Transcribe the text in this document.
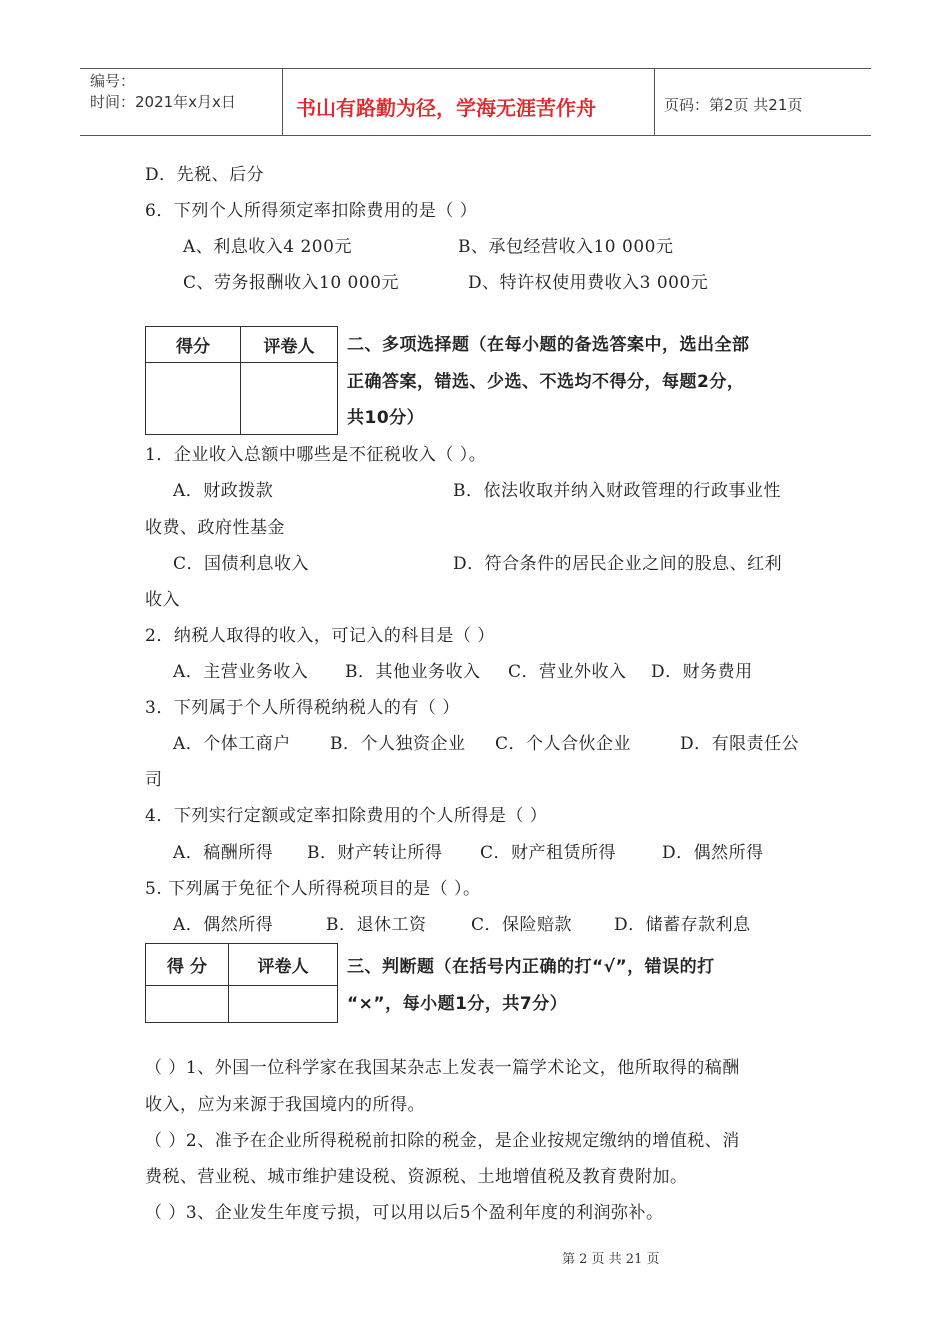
编号：
时间：2021年x月x日	书山有路勤为径，学海无涯苦作舟	页码：第2页 共21页
D．先税、后分
6．下列个人所得须定率扣除费用的是（ ）
A、利息收入4 200元	B、承包经营收入10 000元
C、劳务报酬收入10 000元	D、特许权使用费收入3 000元
得分	评卷人
	二、多项选择题（在每小题的备选答案中，选出全部
正确答案，错选、少选、不选均不得分，每题2分，
共10分）
1．企业收入总额中哪些是不征税收入（ ）。
A．财政拨款	B．依法收取并纳入财政管理的行政事业性
收费、政府性基金
C．国债利息收入	D．符合条件的居民企业之间的股息、红利
收入
2．纳税人取得的收入，可记入的科目是（ ）
A．主营业务收入 B．其他业务收入 C．营业外收入 D．财务费用
3．下列属于个人所得税纳税人的有（ ）
A．个体工商户 B．个人独资企业 C．个人合伙企业	D．有限责任公
司
4．下列实行定额或定率扣除费用的个人所得是（ ）
A．稿酬所得 B．财产转让所得 C．财产租赁所得	D．偶然所得
5. 下列属于免征个人所得税项目的是（ ）。
A．偶然所得	B．退休工资	C．保险赔款 D．储蓄存款利息
得 分	评卷人
	三、判断题（在括号内正确的打“√”，错误的打
“×”，每小题1分，共7分）
（ ）1、外国一位科学家在我国某杂志上发表一篇学术论文，他所取得的稿酬
收入，应为来源于我国境内的所得。
（ ）2、准予在企业所得税税前扣除的税金，是企业按规定缴纳的增值税、消
费税、营业税、城市维护建设税、资源税、土地增值税及教育费附加。
（ ）3、企业发生年度亏损，可以用以后5个盈利年度的利润弥补。
第 2 页 共 21 页
